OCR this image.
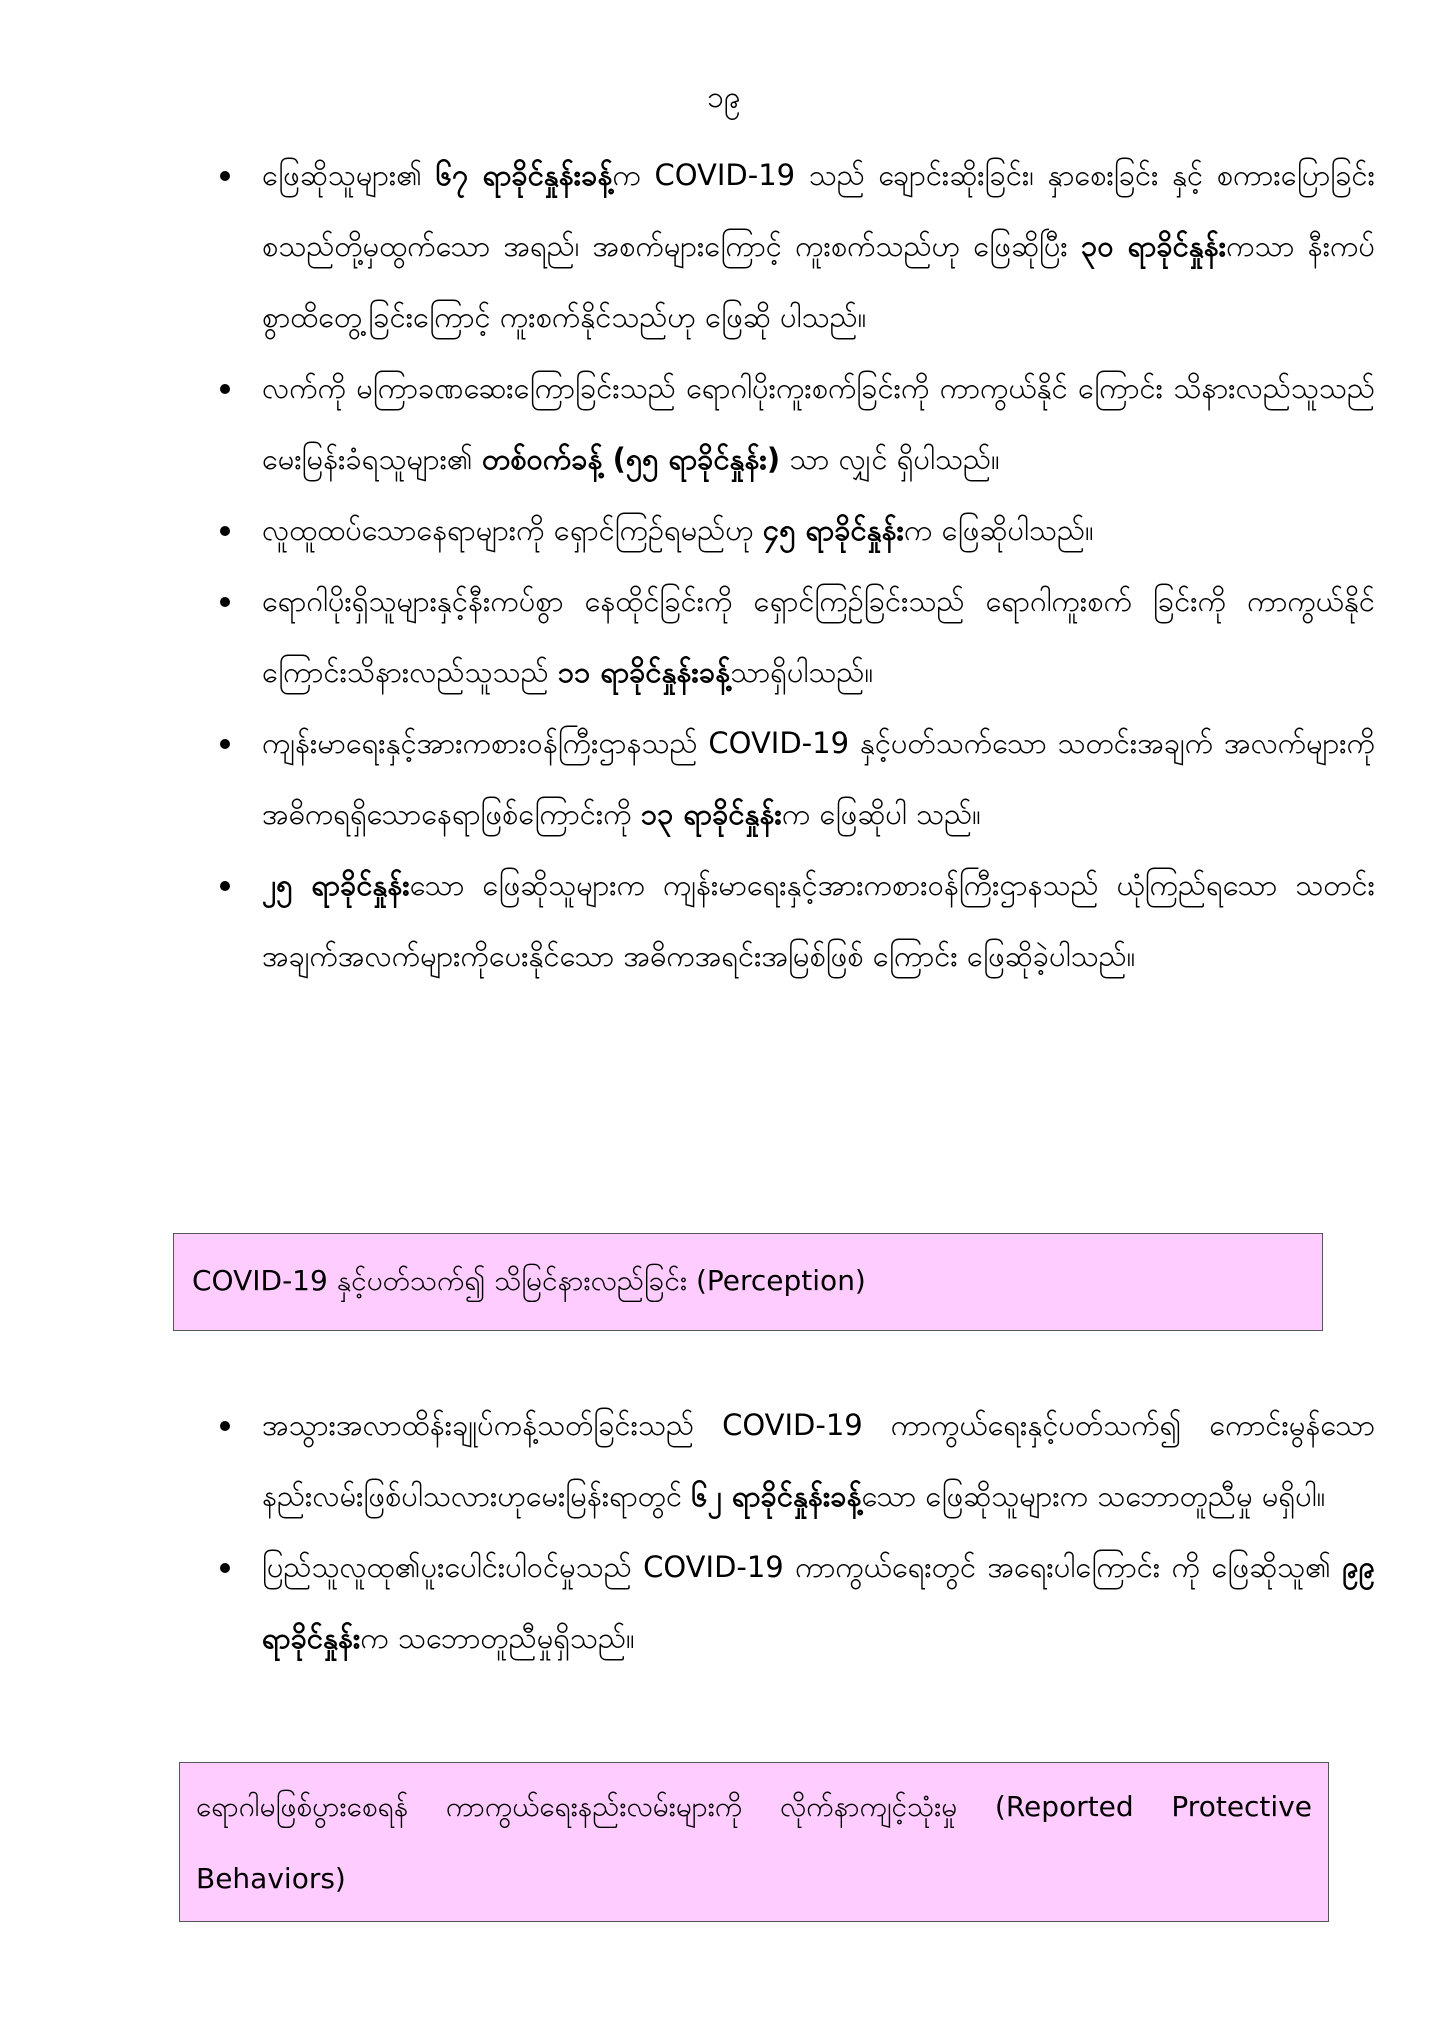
၁၉
ဖြေဆိုသူများ၏ ၆၇ ရာခိုင်နှုန်းခန့်က COVID-19 သည် ချောင်းဆိုးခြင်း၊ နှာစေးခြင်း နှင့် စကားပြောခြင်းစသည်တို့မှထွက်သော အရည်၊ အစက်များကြောင့် ကူးစက်သည်ဟု ဖြေဆိုပြီး ၃၀ ရာခိုင်နှုန်းကသာ နီးကပ်စွာထိတွေ့ခြင်းကြောင့် ကူးစက်နိုင်သည်ဟု ဖြေဆို ပါသည်။
လက်ကို မကြာခဏဆေးကြောခြင်းသည် ရောဂါပိုးကူးစက်ခြင်းကို ကာကွယ်နိုင် ကြောင်း သိနားလည်သူသည် မေးမြန်းခံရသူများ၏ တစ်ဝက်ခန့် (၅၅ ရာခိုင်နှုန်း) သာ လျှင် ရှိပါသည်။
လူထူထပ်သောနေရာများကို ရှောင်ကြဉ်ရမည်ဟု ၄၅ ရာခိုင်နှုန်းက ဖြေဆိုပါသည်။
ရောဂါပိုးရှိသူများနှင့်နီးကပ်စွာ နေထိုင်ခြင်းကို ရှောင်ကြဉ်ခြင်းသည် ရောဂါကူးစက် ခြင်းကို ကာကွယ်နိုင်ကြောင်းသိနားလည်သူသည် ၁၁ ရာခိုင်နှုန်းခန့်သာရှိပါသည်။
ကျန်းမာရေးနှင့်အားကစားဝန်ကြီးဌာနသည် COVID-19 နှင့်ပတ်သက်သော သတင်းအချက် အလက်များကို အဓိကရရှိသောနေရာဖြစ်ကြောင်းကို ၁၃ ရာခိုင်နှုန်းက ဖြေဆိုပါ သည်။
၂၅ ရာခိုင်နှုန်းသော ဖြေဆိုသူများက ကျန်းမာရေးနှင့်အားကစားဝန်ကြီးဌာနသည် ယုံကြည်ရသော သတင်းအချက်အလက်များကိုပေးနိုင်သော အဓိကအရင်းအမြစ်ဖြစ် ကြောင်း ဖြေဆိုခဲ့ပါသည်။
COVID-19 နှင့်ပတ်သက်၍ သိမြင်နားလည်ခြင်း (Perception)
အသွားအလာထိန်းချုပ်ကန့်သတ်ခြင်းသည် COVID-19 ကာကွယ်ရေးနှင့်ပတ်သက်၍ ကောင်းမွန်သော နည်းလမ်းဖြစ်ပါသလားဟုမေးမြန်းရာတွင် ၆၂ ရာခိုင်နှုန်းခန့်သော ဖြေဆိုသူများက သဘောတူညီမှု မရှိပါ။
ပြည်သူလူထု၏ပူးပေါင်းပါဝင်မှုသည် COVID-19 ကာကွယ်ရေးတွင် အရေးပါကြောင်း ကို ဖြေဆိုသူ၏ ၉၉ ရာခိုင်နှုန်းက သဘောတူညီမှုရှိသည်။
ရောဂါမဖြစ်ပွားစေရန် ကာကွယ်ရေးနည်းလမ်းများကို လိုက်နာကျင့်သုံးမှု (Reported Protective Behaviors)
